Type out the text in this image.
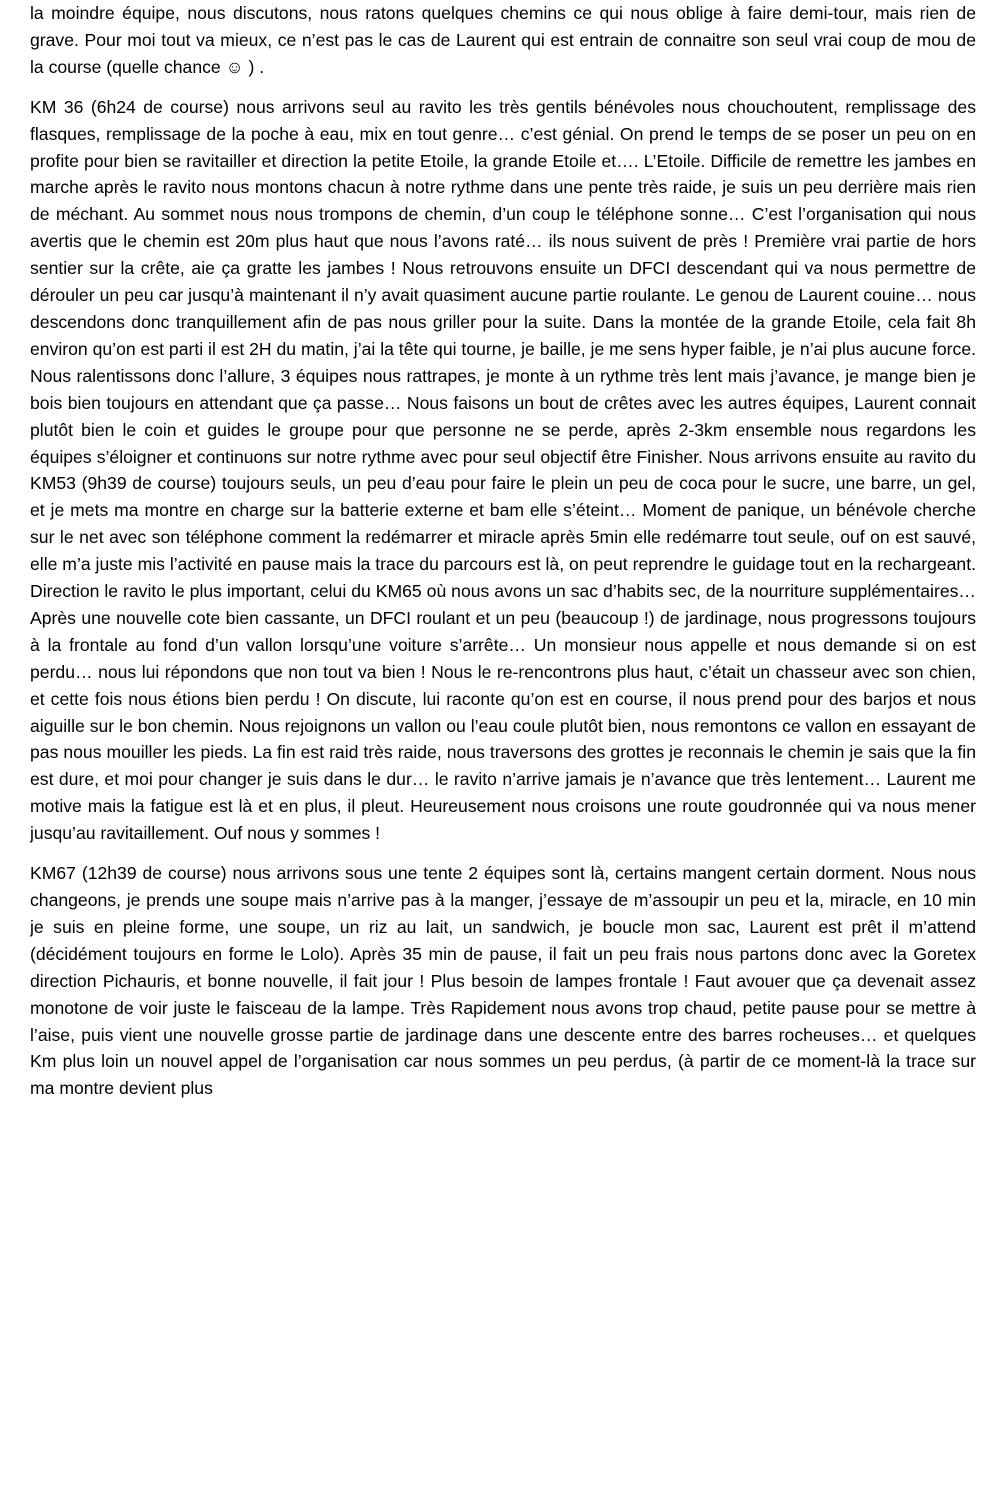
la moindre équipe, nous discutons, nous ratons quelques chemins ce qui nous oblige à faire demi-tour, mais rien de grave. Pour moi tout va mieux, ce n’est pas le cas de Laurent qui est entrain de connaitre son seul vrai coup de mou de la course (quelle chance ☺ ) .

KM 36 (6h24 de course) nous arrivons seul au ravito les très gentils bénévoles nous chouchoutent, remplissage des flasques, remplissage de la poche à eau, mix en tout genre… c’est génial. On prend le temps de se poser un peu on en profite pour bien se ravitailler et direction la petite Etoile, la grande Etoile et…. L’Etoile. Difficile de remettre les jambes en marche après le ravito nous montons chacun à notre rythme dans une pente très raide, je suis un peu derrière mais rien de méchant. Au sommet nous nous trompons de chemin, d’un coup le téléphone sonne… C’est l’organisation qui nous avertis que le chemin est 20m plus haut que nous l’avons raté… ils nous suivent de près ! Première vrai partie de hors sentier sur la crête, aie ça gratte les jambes ! Nous retrouvons ensuite un DFCI descendant qui va nous permettre de dérouler un peu car jusqu’à maintenant il n’y avait quasiment aucune partie roulante. Le genou de Laurent couine… nous descendons donc tranquillement afin de pas nous griller pour la suite. Dans la montée de la grande Etoile, cela fait 8h environ qu’on est parti il est 2H du matin, j’ai la tête qui tourne, je baille, je me sens hyper faible, je n’ai plus aucune force. Nous ralentissons donc l’allure, 3 équipes nous rattrapes, je monte à un rythme très lent mais j’avance, je mange bien je bois bien toujours en attendant que ça passe… Nous faisons un bout de crêtes avec les autres équipes, Laurent connait plutôt bien le coin et guides le groupe pour que personne ne se perde, après 2-3km ensemble nous regardons les équipes s’éloigner et continuons sur notre rythme avec pour seul objectif être Finisher. Nous arrivons ensuite au ravito du KM53 (9h39 de course) toujours seuls, un peu d’eau pour faire le plein un peu de coca pour le sucre, une barre, un gel, et je mets ma montre en charge sur la batterie externe et bam elle s’éteint… Moment de panique, un bénévole cherche sur le net avec son téléphone comment la redémarrer et miracle après 5min elle redémarre tout seule, ouf on est sauvé, elle m’a juste mis l’activité en pause mais la trace du parcours est là, on peut reprendre le guidage tout en la rechargeant. Direction le ravito le plus important, celui du KM65 où nous avons un sac d’habits sec, de la nourriture supplémentaires… Après une nouvelle cote bien cassante, un DFCI roulant et un peu (beaucoup !) de jardinage, nous progressons toujours à la frontale au fond d’un vallon lorsqu’une voiture s’arrête… Un monsieur nous appelle et nous demande si on est perdu… nous lui répondons que non tout va bien ! Nous le re-rencontrons plus haut, c’était un chasseur avec son chien, et cette fois nous étions bien perdu ! On discute, lui raconte qu’on est en course, il nous prend pour des barjos et nous aiguille sur le bon chemin. Nous rejoignons un vallon ou l’eau coule plutôt bien, nous remontons ce vallon en essayant de pas nous mouiller les pieds. La fin est raid très raide, nous traversons des grottes je reconnais le chemin je sais que la fin est dure, et moi pour changer je suis dans le dur… le ravito n’arrive jamais je n’avance que très lentement… Laurent me motive mais la fatigue est là et en plus, il pleut. Heureusement nous croisons une route goudronnée qui va nous mener jusqu’au ravitaillement. Ouf nous y sommes !

KM67 (12h39 de course) nous arrivons sous une tente 2 équipes sont là, certains mangent certain dorment. Nous nous changeons, je prends une soupe mais n’arrive pas à la manger, j’essaye de m’assoupir un peu et la, miracle, en 10 min je suis en pleine forme, une soupe, un riz au lait, un sandwich, je boucle mon sac, Laurent est prêt il m’attend (décidément toujours en forme le Lolo). Après 35 min de pause, il fait un peu frais nous partons donc avec la Goretex direction Pichauris, et bonne nouvelle, il fait jour ! Plus besoin de lampes frontale ! Faut avouer que ça devenait assez monotone de voir juste le faisceau de la lampe. Très Rapidement nous avons trop chaud, petite pause pour se mettre à l’aise, puis vient une nouvelle grosse partie de jardinage dans une descente entre des barres rocheuses… et quelques Km plus loin un nouvel appel de l’organisation car nous sommes un peu perdus, (à partir de ce moment-là la trace sur ma montre devient plus
